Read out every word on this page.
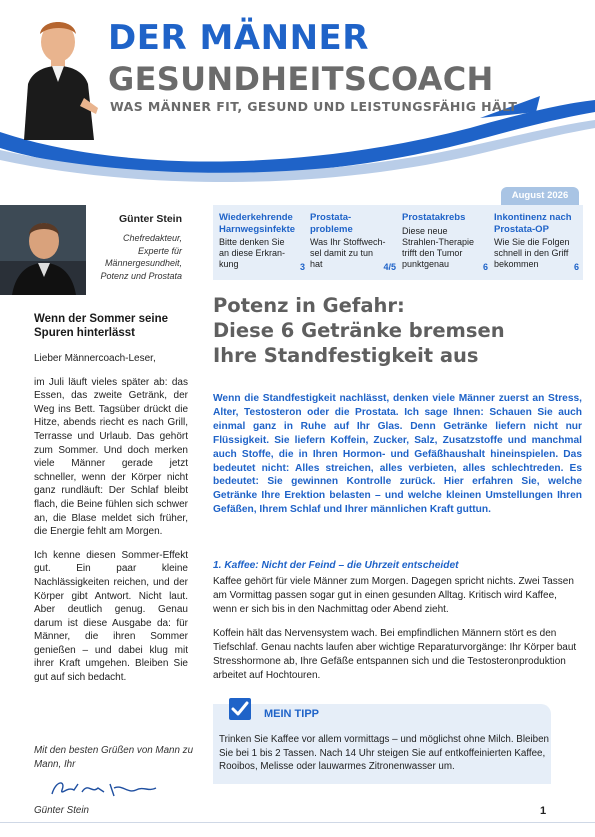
DER MÄNNER
GESUNDHEITSCOACH
WAS MÄNNER FIT, GESUND UND LEISTUNGSFÄHIG HÄLT
August 2026
Günter Stein
Chefredakteur,
Experte für
Männergesundheit,
Potenz und Prostata
Wenn der Sommer seine Spuren hinterlässt

Lieber Männercoach-Leser,

im Juli läuft vieles später ab: das Essen, das zweite Getränk, der Weg ins Bett. Tagsüber drückt die Hitze, abends riecht es nach Grill, Terrasse und Urlaub. Das gehört zum Sommer. Und doch merken viele Männer gerade jetzt schneller, wenn der Körper nicht ganz rundläuft: Der Schlaf bleibt flach, die Beine fühlen sich schwer an, die Blase meldet sich früher, die Energie fehlt am Morgen.

Ich kenne diesen Sommer-Effekt gut. Ein paar kleine Nachlässigkeiten reichen, und der Körper gibt Antwort. Nicht laut. Aber deutlich genug. Genau darum ist diese Ausgabe da: für Männer, die ihren Sommer genießen – und dabei klug mit ihrer Kraft umgehen. Bleiben Sie gut auf sich bedacht.

Mit den besten Grüßen von Mann zu Mann, Ihr
Günter Stein
Wiederkehrende
Harnwegsinfekte
Bitte denken Sie
an diese Erkran-
kung	3
Prostata-
probleme
Was Ihr Stoffwech-
sel damit zu tun
hat	4/5
Prostatakrebs
Diese neue
Strahlen-Therapie
trifft den Tumor
punktgenau	6
Inkontinenz nach
Prostata-OP
Wie Sie die Folgen
schnell in den Griff
bekommen	6
Potenz in Gefahr:
Diese 6 Getränke bremsen
Ihre Standfestigkeit aus
Wenn die Standfestigkeit nachlässt, denken viele Männer zuerst an Stress, Alter, Testosteron oder die Prostata. Ich sage Ihnen: Schauen Sie auch einmal ganz in Ruhe auf Ihr Glas. Denn Getränke liefern nicht nur Flüssigkeit. Sie liefern Koffein, Zucker, Salz, Zusatzstoffe und manchmal auch Stoffe, die in Ihren Hormon- und Gefäßhaushalt hineinspielen. Das bedeutet nicht: Alles streichen, alles verbieten, alles schlechtreden. Es bedeutet: Sie gewinnen Kontrolle zurück. Hier erfahren Sie, welche Getränke Ihre Erektion belasten – und welche kleinen Umstellungen Ihren Gefäßen, Ihrem Schlaf und Ihrer männlichen Kraft guttun.
1. Kaffee: Nicht der Feind – die Uhrzeit entscheidet
Kaffee gehört für viele Männer zum Morgen. Dagegen spricht nichts. Zwei Tassen am Vormittag passen sogar gut in einen gesunden Alltag. Kritisch wird Kaffee, wenn er sich bis in den Nachmittag oder Abend zieht.
Koffein hält das Nervensystem wach. Bei empfindlichen Männern stört es den Tiefschlaf. Genau nachts laufen aber wichtige Reparaturvorgänge: Ihr Körper baut Stresshormone ab, Ihre Gefäße entspannen sich und die Testosteronproduktion arbeitet auf Hochtouren.
MEIN TIPP
Trinken Sie Kaffee vor allem vormittags – und möglichst ohne Milch. Bleiben Sie bei 1 bis 2 Tassen. Nach 14 Uhr steigen Sie auf entkoffeinierten Kaffee, Rooibos, Melisse oder lauwarmes Zitronenwasser um.
1
